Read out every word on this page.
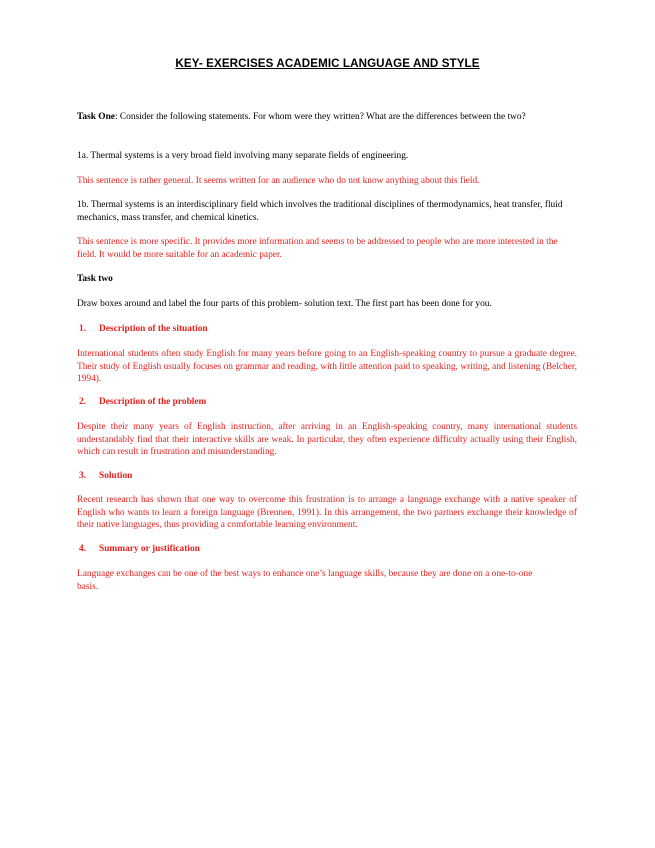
KEY- EXERCISES ACADEMIC LANGUAGE AND STYLE

Task One: Consider the following statements. For whom were they written? What are the differences between the two?

1a. Thermal systems is a very broad field involving many separate fields of engineering.

This sentence is rather general. It seems written for an audience who do not know anything about this field.

1b. Thermal systems is an interdisciplinary field which involves the traditional disciplines of thermodynamics, heat transfer, fluid mechanics, mass transfer, and chemical kinetics.

This sentence is more specific. It provides more information and seems to be addressed to people who are more interested in the field. It would be more suitable for an academic paper.

Task two

Draw boxes around and label the four parts of this problem- solution text. The first part has been done for you.

1. Description of the situation

International students often study English for many years before going to an English-speaking country to pursue a graduate degree. Their study of English usually focuses on grammar and reading, with little attention paid to speaking, writing, and listening (Belcher, 1994).

2. Description of the problem

Despite their many years of English instruction, after arriving in an English-speaking country, many international students understandably find that their interactive skills are weak. In particular, they often experience difficulty actually using their English, which can result in frustration and misunderstanding.

3. Solution

Recent research has shown that one way to overcome this frustration is to arrange a language exchange with a native speaker of English who wants to learn a foreign language (Brennen, 1991). In this arrangement, the two partners exchange their knowledge of their native languages, thus providing a comfortable learning environment.

4. Summary or justification

Language exchanges can be one of the best ways to enhance one’s language skills, because they are done on a one-to-one basis.
